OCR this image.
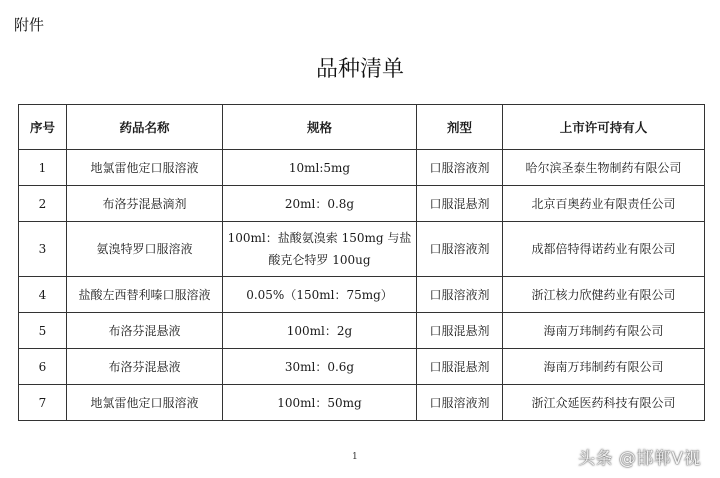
附件
品种清单
序号	药品名称	规格	剂型	上市许可持有人
1	地氯雷他定口服溶液	10ml:5mg	口服溶液剂	哈尔滨圣泰生物制药有限公司
2	布洛芬混悬滴剂	20ml：0.8g	口服混悬剂	北京百奥药业有限责任公司
3	氨溴特罗口服溶液	100ml：盐酸氨溴索 150mg 与盐酸克仑特罗 100ug	口服溶液剂	成都倍特得诺药业有限公司
4	盐酸左西替利嗪口服溶液	0.05%（150ml：75mg）	口服溶液剂	浙江核力欣健药业有限公司
5	布洛芬混悬液	100ml：2g	口服混悬剂	海南万玮制药有限公司
6	布洛芬混悬液	30ml：0.6g	口服混悬剂	海南万玮制药有限公司
7	地氯雷他定口服溶液	100ml：50mg	口服溶液剂	浙江众延医药科技有限公司
1	头条 @邯郸V视
